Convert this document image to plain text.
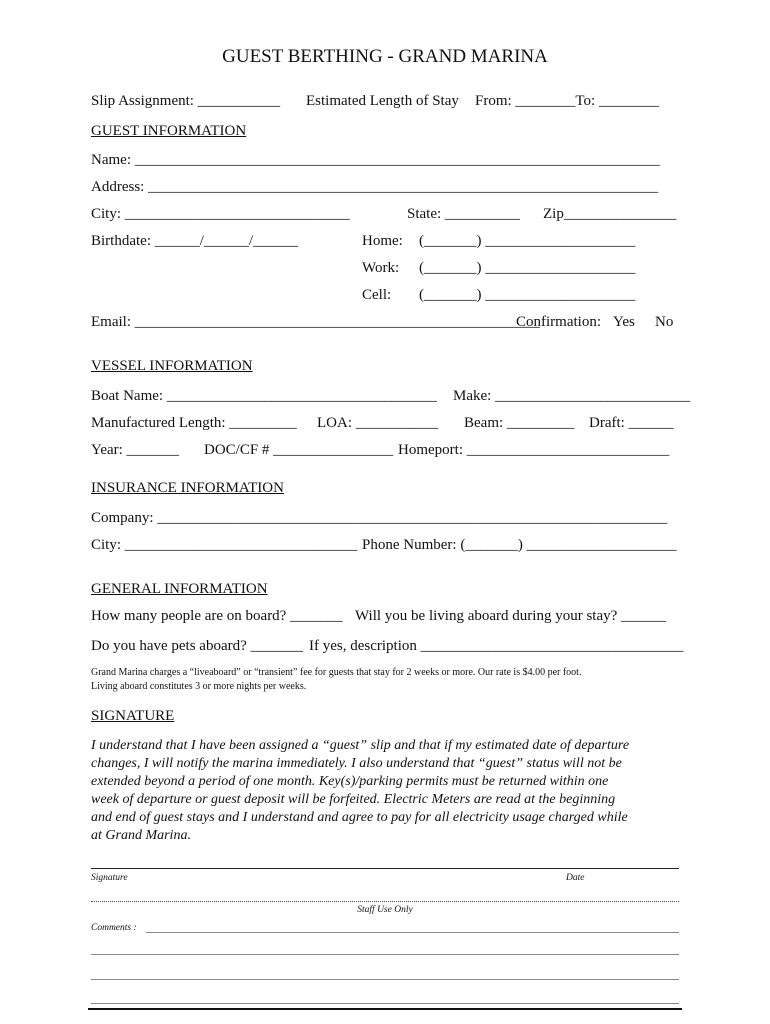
GUEST BERTHING - GRAND MARINA
Slip Assignment: ___________ Estimated Length of Stay From: ________To: ________
GUEST INFORMATION
Name: ______________________________________________________________________
Address: ____________________________________________________________________
City: ______________________________	State: __________ Zip_______________
Birthdate: ______/______/______	Home: (_______) ____________________
Work: (_______) ____________________
Cell: (_______) ____________________
Email: ______________________________________________________
Confirmation: Yes No
VESSEL INFORMATION
Boat Name: ____________________________________ Make: __________________________
Manufactured Length: _________ LOA: ___________ Beam: _________ Draft: ______
Year: _______ DOC/CF # ________________ Homeport: ___________________________
INSURANCE INFORMATION
Company: ____________________________________________________________________
City: _______________________________ Phone Number: (_______) ____________________
GENERAL INFORMATION
How many people are on board? _______ Will you be living aboard during your stay? ______
Do you have pets aboard? _______ If yes, description ___________________________________
Grand Marina charges a “liveaboard” or “transient” fee for guests that stay for 2 weeks or more. Our rate is $4.00 per foot.
Living aboard constitutes 3 or more nights per weeks.
SIGNATURE
I understand that I have been assigned a “guest” slip and that if my estimated date of departure
changes, I will notify the marina immediately. I also understand that “guest” status will not be
extended beyond a period of one month. Key(s)/parking permits must be returned within one
week of departure or guest deposit will be forfeited. Electric Meters are read at the beginning
and end of guest stays and I understand and agree to pay for all electricity usage charged while
at Grand Marina.
Signature	Date
Staff Use Only
Comments :
